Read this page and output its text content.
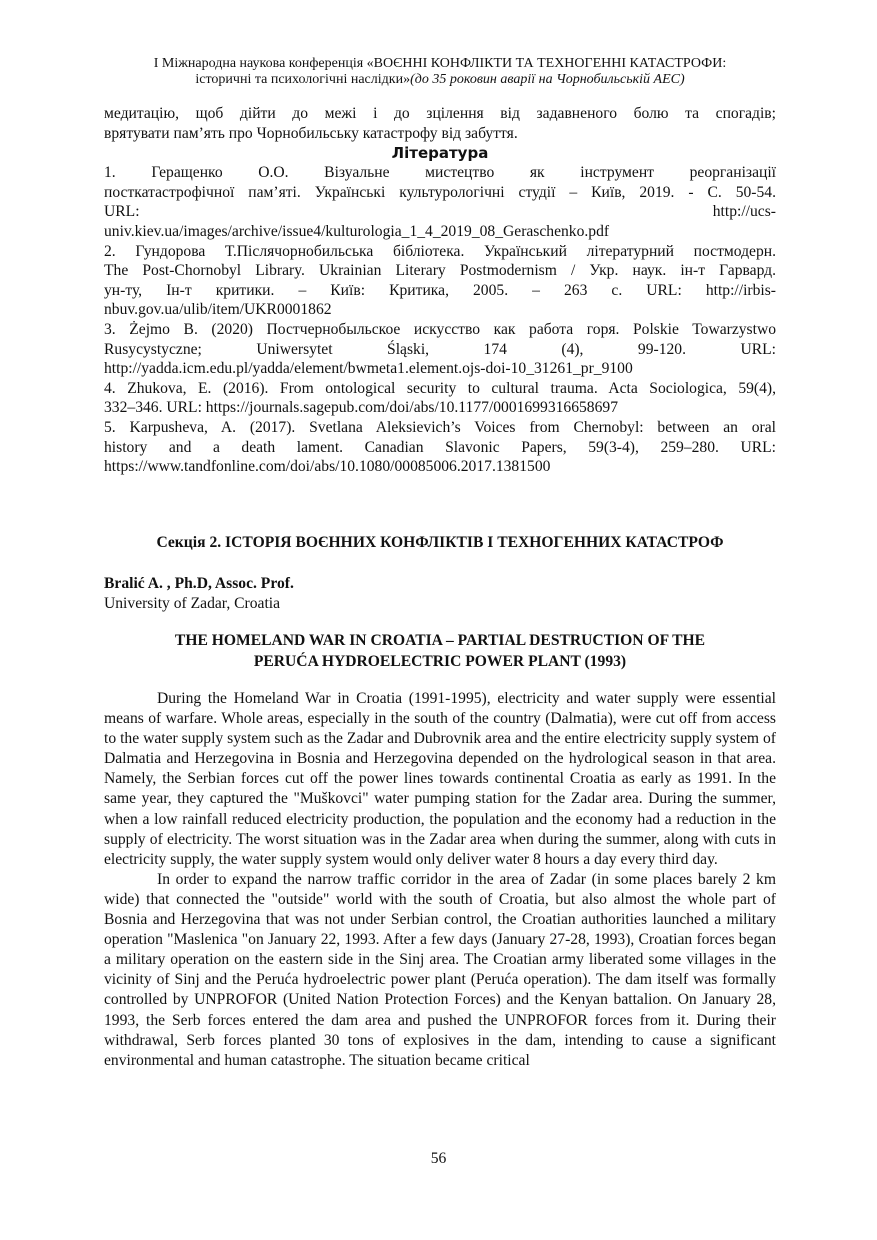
І Міжнародна наукова конференція «ВОЄННІ КОНФЛІКТИ ТА ТЕХНОГЕННІ КАТАСТРОФИ:
історичні та психологічні наслідки»(до 35 роковин аварії на Чорнобильській АЕС)

медитацію, щоб дійти до межі і до зцілення від задавненого болю та спогадів;

врятувати пам’ять про Чорнобильську катастрофу від забуття.

Література

1. Геращенко О.О. Візуальне мистецтво як інструмент реорганізації

посткатастрофічної пам’яті. Українські культурологічні студії – Київ, 2019. - С. 50-54.

URL:	http://ucs-

univ.kiev.ua/images/archive/issue4/kulturologia_1_4_2019_08_Geraschenko.pdf

2. Гундорова Т.Післячорнобильська бібліотека. Український літературний постмодерн.

The Post-Chornobyl Library. Ukrainian Literary Postmodernism / Укр. наук. ін-т Гарвард.

ун-ту, Ін-т критики. – Київ: Критика, 2005. – 263 с. URL: http://irbis-

nbuv.gov.ua/ulib/item/UKR0001862

3. Żejmo B. (2020) Постчернобыльское искусство как работа горя. Polskie Towarzystwo

Rusycystyczne; Uniwersytet Śląski, 174 (4), 99-120. URL:

http://yadda.icm.edu.pl/yadda/element/bwmeta1.element.ojs-doi-10_31261_pr_9100

4. Zhukova, E. (2016). From ontological security to cultural trauma. Acta Sociologica, 59(4),

332–346. URL: https://journals.sagepub.com/doi/abs/10.1177/0001699316658697

5. Karpusheva, A. (2017). Svetlana Aleksievich’s Voices from Chernobyl: between an oral

history and a death lament. Canadian Slavonic Papers, 59(3-4), 259–280. URL:

https://www.tandfonline.com/doi/abs/10.1080/00085006.2017.1381500

Секція 2. ІСТОРІЯ ВОЄННИХ КОНФЛІКТІВ І ТЕХНОГЕННИХ КАТАСТРОФ
Bralić A. , Ph.D, Assoc. Prof.
University of Zadar, Croatia
THE HOMELAND WAR IN CROATIA – PARTIAL DESTRUCTION OF THE
PERUĆA HYDROELECTRIC POWER PLANT (1993)

During the Homeland War in Croatia (1991-1995), electricity and water supply were essential means of warfare. Whole areas, especially in the south of the country (Dalmatia), were cut off from access to the water supply system such as the Zadar and Dubrovnik area and the entire electricity supply system of Dalmatia and Herzegovina in Bosnia and Herzegovina depended on the hydrological season in that area. Namely, the Serbian forces cut off the power lines towards continental Croatia as early as 1991. In the same year, they captured the "Muškovci" water pumping station for the Zadar area. During the summer, when a low rainfall reduced electricity production, the population and the economy had a reduction in the supply of electricity. The worst situation was in the Zadar area when during the summer, along with cuts in electricity supply, the water supply system would only deliver water 8 hours a day every third day.

In order to expand the narrow traffic corridor in the area of Zadar (in some places barely 2 km wide) that connected the "outside" world with the south of Croatia, but also almost the whole part of Bosnia and Herzegovina that was not under Serbian control, the Croatian authorities launched a military operation "Maslenica "on January 22, 1993. After a few days (January 27-28, 1993), Croatian forces began a military operation on the eastern side in the Sinj area. The Croatian army liberated some villages in the vicinity of Sinj and the Peruća hydroelectric power plant (Peruća operation). The dam itself was formally controlled by UNPROFOR (United Nation Protection Forces) and the Kenyan battalion. On January 28, 1993, the Serb forces entered the dam area and pushed the UNPROFOR forces from it. During their withdrawal, Serb forces planted 30 tons of explosives in the dam, intending to cause a significant environmental and human catastrophe. The situation became critical

56
